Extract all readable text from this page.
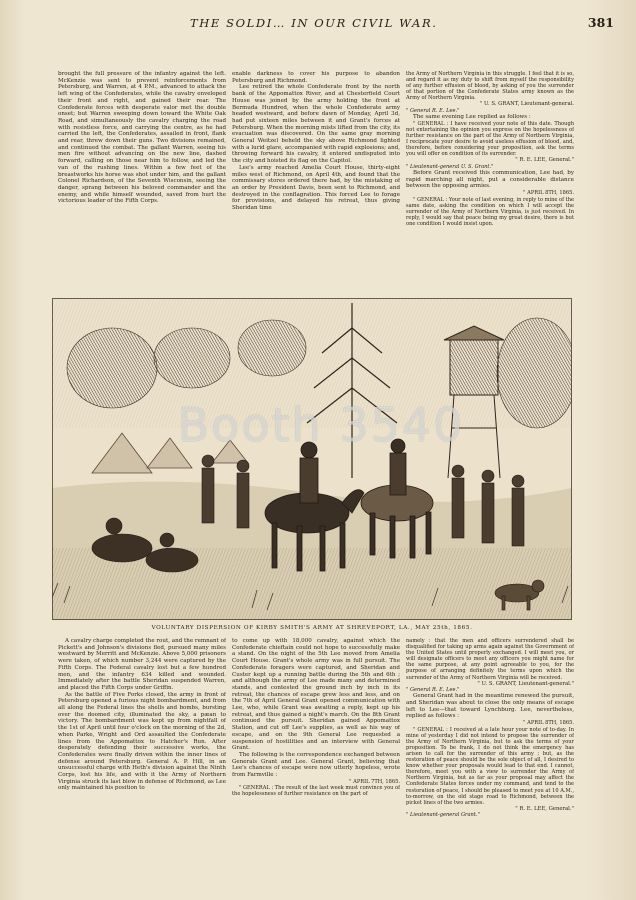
THE SOLDI… IN OUR CIVIL WAR.	381

brought the full pressure of the infantry against the left. McKenzie was sent to prevent reinforcements from Petersburg, and Warren, at 4 P.M., advanced to attack the left wing of the Confederates, while the cavalry enveloped their front and right, and gained their rear. The Confederate forces with desperate valor met the double onset; but Warren sweeping down toward the White Oak Road, and simultaneously the cavalry charging the road with resistless force, and carrying the centre, as he had carried the left, the Confederates, assailed in front, flank and rear, threw down their guns. Two divisions remained, and continued the combat. The gallant Warren, seeing his men fire without advancing on the new line, dashed forward, calling on those near him to follow, and led the van of the rushing lines. Within a few feet of the breastworks his horse was shot under him, and the gallant Colonel Richardson, of the Seventh Wisconsin, seeing the danger, sprang between his beloved commander and the enemy, and while himself wounded, saved from hurt the victorious leader of the Fifth Corps.

enable darkness to cover his purpose to abandon Petersburg and Richmond.

Lee retired the whole Confederate front by the north bank of the Appomattox River, and at Chesterfield Court House was joined by the army holding the front at Bermuda Hundred, when the whole Confederate army headed westward, and before dawn of Monday, April 3d, had put sixteen miles between it and Grant's forces at Petersburg. When the morning mists lifted from the city, its evacuation was discovered. On the same gray morning General Weitzel beheld the sky above Richmond lighted with a lurid glare, accompanied with rapid explosions; and, throwing forward his cavalry, it entered undisputed into the city and hoisted its flag on the Capitol.

Lee's army reached Amelia Court House, thirty-eight miles west of Richmond, on April 4th, and found that the commissary stores ordered there had, by the mistaking of an order by President Davis, been sent to Richmond, and destroyed in the conflagration. This forced Lee to forage for provisions, and delayed his retreat, thus giving Sheridan time

the Army of Northern Virginia in this struggle. I feel that it is so, and regard it as my duty to shift from myself the responsibility of any further effusion of blood, by asking of you the surrender of that portion of the Confederate States army known as the Army of Northern Virginia.

" U. S. GRANT, Lieutenant-general.
" General R. E. Lee."

The same evening Lee replied as follows :

" GENERAL : I have received your note of this date. Though not entertaining the opinion you express on the hopelessness of further resistance on the part of the Army of Northern Virginia, I reciprocate your desire to avoid useless effusion of blood, and, therefore, before considering your proposition, ask the terms you will offer on condition of its surrender.

" R. E. LEE, General."
" Lieutenant-general U. S. Grant."

Before Grant received this communication, Lee had, by rapid marching all night, put a considerable distance between the opposing armies.

" APRIL 8TH, 1865.

" GENERAL : Your note of last evening, in reply to mine of the same date, asking the condition on which I will accept the surrender of the Army of Northern Virginia, is just received. In reply, I would say that peace being my great desire, there is but one condition I would insist upon.

Booth 3540
VOLUNTARY DISPERSION OF KIRBY SMITH'S ARMY AT SHREVEPORT, LA., MAY 25th, 1865.

A cavalry charge completed the rout, and the remnant of Pickett's and Johnson's divisions fled, pursued many miles westward by Merritt and McKenzie. Above 5,000 prisoners were taken, of which number 3,244 were captured by the Fifth Corps. The Federal cavalry lost but a few hundred men, and the infantry 634 killed and wounded. Immediately after the battle Sheridan suspended Warren, and placed the Fifth Corps under Griffin.

As the battle of Five Forks closed, the army in front of Petersburg opened a furious night bombardment, and from all along the Federal lines the shells and bombs, bursting over the doomed city, illuminated the sky, a pæan to victory. The bombardment was kept up from nightfall of the 1st of April until four o'clock on the morning of the 2d, when Parke, Wright and Ord assaulted the Confederate lines from the Appomattox to Hatcher's Run. After desperately defending their successive works, the Confederates were finally driven within the inner lines of defense around Petersburg. General A. P. Hill, in an unsuccessful charge with Heth's division against the Ninth Corps, lost his life, and with it the Army of Northern Virginia struck its last blow in defense of Richmond, as Lee only maintained his position to

to come up with 18,000 cavalry, against which the Confederate chieftain could not hope to successfully make a stand. On the night of the 5th Lee moved from Amelia Court House. Grant's whole army was in full pursuit. The Confederate foragers were captured, and Sheridan and Custer kept up a running battle during the 5th and 6th ; and although the army of Lee made many and determined stands, and contested the ground inch by inch in its retreat, the chances of escape grew less and less, and on the 7th of April General Grant opened communication with Lee, who, while Grant was awaiting a reply, kept up his retreat, and thus gained a night's march. On the 8th Grant continued the pursuit. Sheridan gained Appomattox Station, and cut off Lee's supplies, as well as his way of escape, and on the 9th General Lee requested a suspension of hostilities and an interview with General Grant.

The following is the correspondence exchanged between Generals Grant and Lee. General Grant, believing that Lee's chances of escape were now utterly hopeless, wrote from Farmville :

" APRIL 7TH, 1865.

" GENERAL : The result of the last week must convince you of the hopelessness of further resistance on the part of

namely : that the men and officers surrendered shall be disqualified for taking up arms again against the Government of the United States until properly exchanged. I will meet you, or will designate officers to meet any officers you might name for the same purpose, at any point agreeable to you, for the purpose of arranging definitely the terms upon which the surrender of the Army of Northern Virginia will be received.

" U. S. GRANT, Lieutenant-general."
" General R. E. Lee."

General Grant had in the meantime renewed the pursuit, and Sheridan was about to close the only means of escape left to Lee—that toward Lynchburg. Lee, nevertheless, replied as follows :

" APRIL 8TH, 1865.

" GENERAL : I received at a late hour your note of to-day. In mine of yesterday I did not intend to propose the surrender of the Army of Northern Virginia, but to ask the terms of your proposition. To be frank, I do not think the emergency has arisen to call for the surrender of this army ; but, as the restoration of peace should be the sole object of all, I desired to know whether your proposals would lead to that end. I cannot, therefore, meet you with a view to surrender the Army of Northern Virginia, but as far as your proposal may affect the Confederate States forces under my command, and tend to the restoration of peace, I should be pleased to meet you at 10 A.M., to-morrow, on the old stage road to Richmond, between the picket lines of the two armies.

" R. E. LEE, General."
" Lieutenant-general Grant."
